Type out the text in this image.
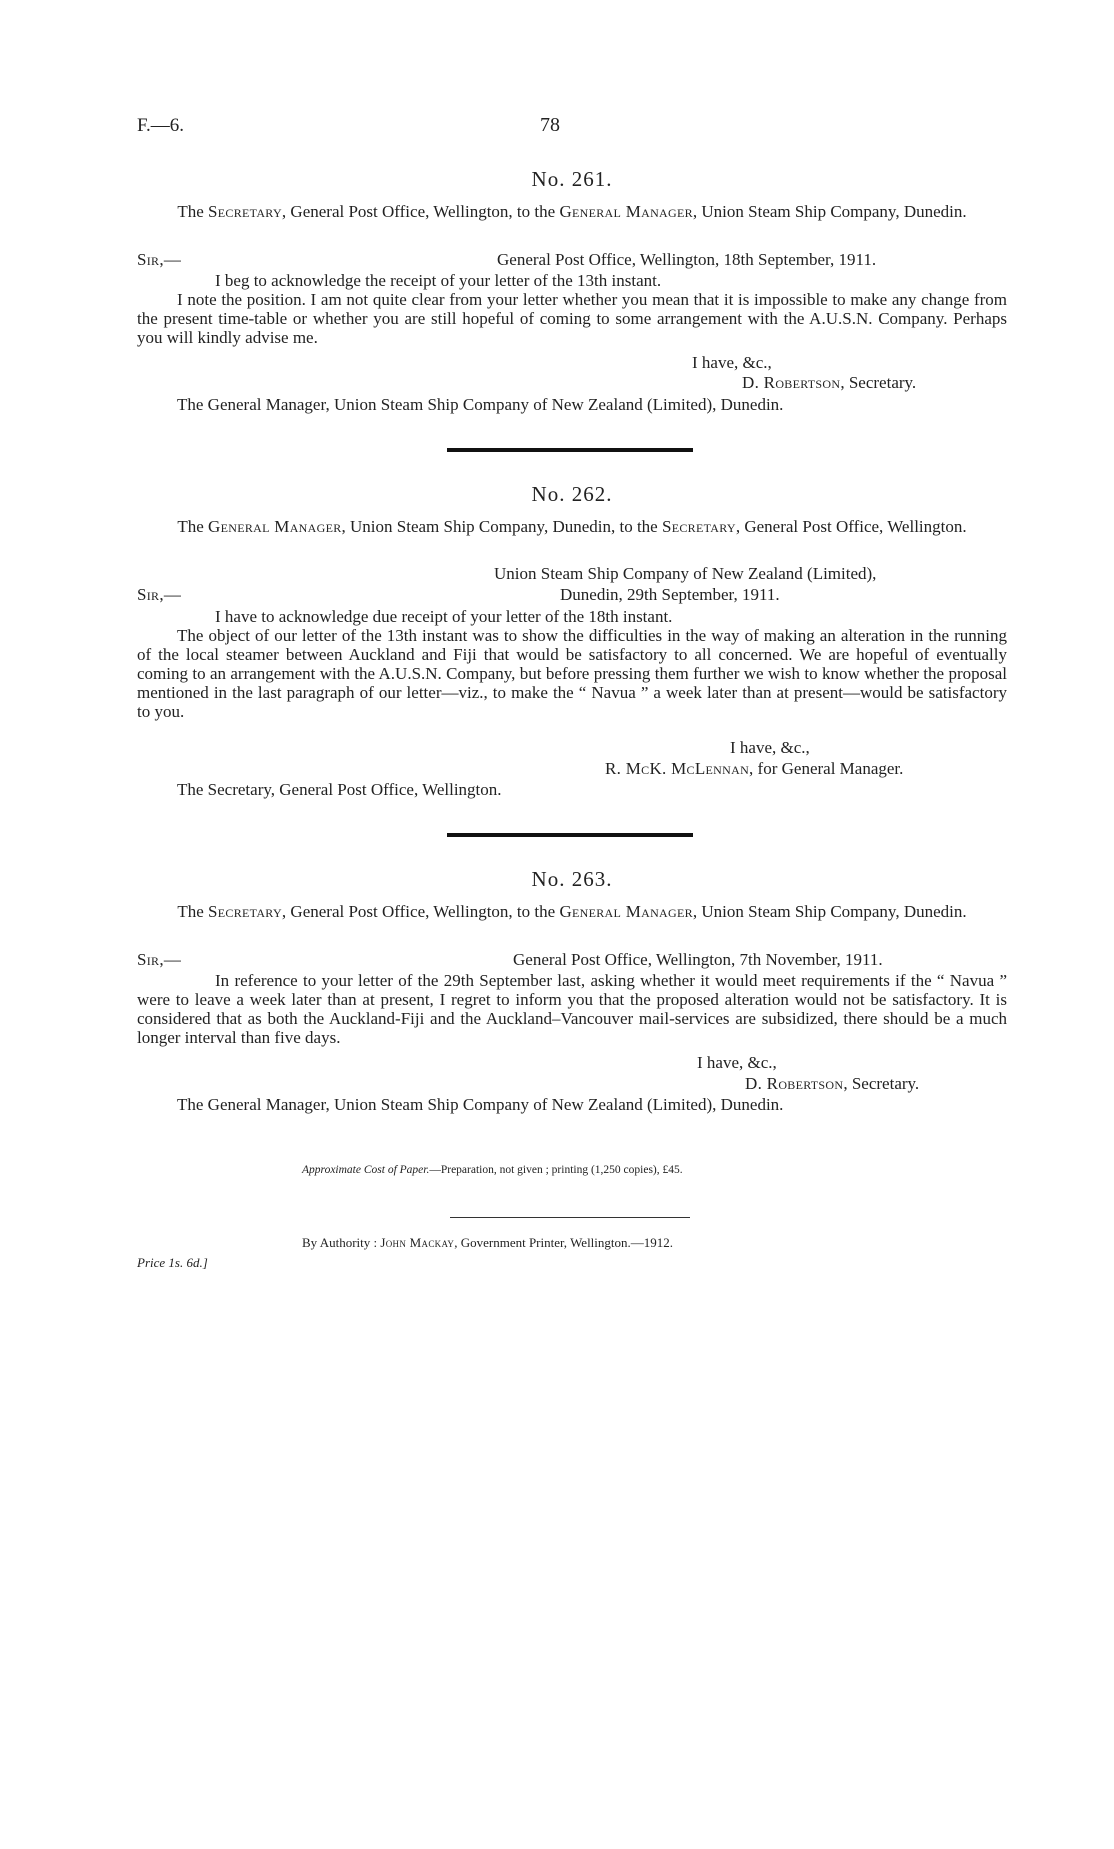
F.—6.	78
No. 261.
The Secretary, General Post Office, Wellington, to the General Manager, Union Steam Ship Company, Dunedin.
Sir,—	General Post Office, Wellington, 18th September, 1911.

I beg to acknowledge the receipt of your letter of the 13th instant.

I note the position. I am not quite clear from your letter whether you mean that it is impossible to make any change from the present time-table or whether you are still hopeful of coming to some arrangement with the A.U.S.N. Company. Perhaps you will kindly advise me.

I have, &c.,
D. Robertson, Secretary.
The General Manager, Union Steam Ship Company of New Zealand (Limited), Dunedin.
No. 262.
The General Manager, Union Steam Ship Company, Dunedin, to the Secretary, General Post Office, Wellington.
Union Steam Ship Company of New Zealand (Limited),
Sir,—	Dunedin, 29th September, 1911.

I have to acknowledge due receipt of your letter of the 18th instant.

The object of our letter of the 13th instant was to show the difficulties in the way of making an alteration in the running of the local steamer between Auckland and Fiji that would be satisfactory to all concerned. We are hopeful of eventually coming to an arrangement with the A.U.S.N. Company, but before pressing them further we wish to know whether the proposal mentioned in the last paragraph of our letter—viz., to make the “ Navua ” a week later than at present—would be satisfactory to you.

I have, &c.,
R. McK. McLennan, for General Manager.
The Secretary, General Post Office, Wellington.
No. 263.
The Secretary, General Post Office, Wellington, to the General Manager, Union Steam Ship Company, Dunedin.
Sir,—	General Post Office, Wellington, 7th November, 1911.

In reference to your letter of the 29th September last, asking whether it would meet requirements if the “ Navua ” were to leave a week later than at present, I regret to inform you that the proposed alteration would not be satisfactory. It is considered that as both the Auckland-Fiji and the Auckland–Vancouver mail-services are subsidized, there should be a much longer interval than five days.

I have, &c.,
D. Robertson, Secretary.
The General Manager, Union Steam Ship Company of New Zealand (Limited), Dunedin.
Approximate Cost of Paper.—Preparation, not given ; printing (1,250 copies), £45.
By Authority : John Mackay, Government Printer, Wellington.—1912.
Price 1s. 6d.]
